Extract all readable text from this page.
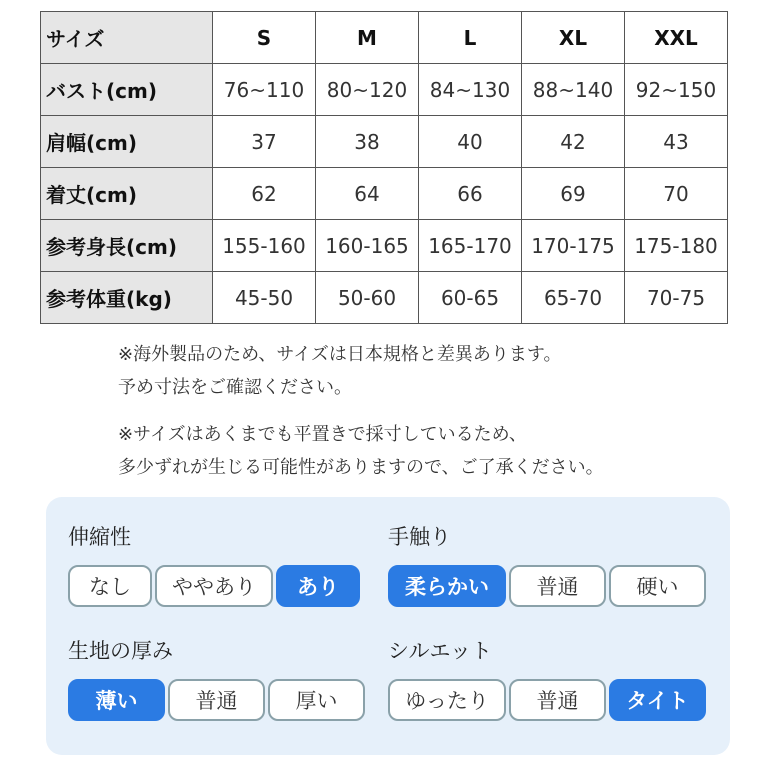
サイズ	S	M	L	XL	XXL
バスト(cm)	76~110	80~120	84~130	88~140	92~150
肩幅(cm)	37	38	40	42	43
着丈(cm)	62	64	66	69	70
参考身長(cm)	155-160	160-165	165-170	170-175	175-180
参考体重(kg)	45-50	50-60	60-65	65-70	70-75

※海外製品のため、サイズは日本規格と差異あります。

予め寸法をご確認ください。

※サイズはあくまでも平置きで採寸しているため、

多少ずれが生じる可能性がありますので、ご了承ください。

伸縮性

なし	ややあり	あり

手触り

柔らかい	普通	硬い

生地の厚み

薄い	普通	厚い

シルエット

ゆったり	普通	タイト
